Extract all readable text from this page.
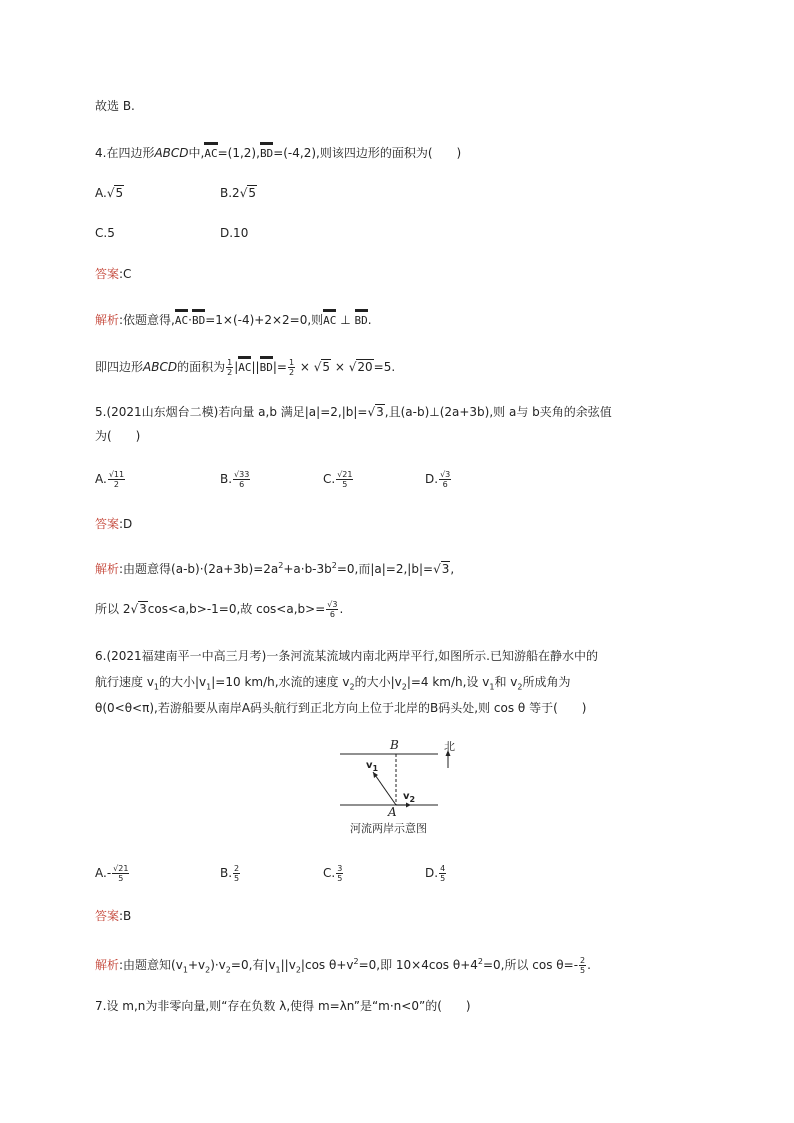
故选 B.
4.在四边形ABCD中,AC=(1,2),BD=(-4,2),则该四边形的面积为(　　)
A.√5	B.2√5
C.5	D.10
答案:C
解析:依题意得,AC·BD=1×(-4)+2×2=0,则AC ⊥ BD.
即四边形ABCD的面积为 $\frac{1}{2} |AC||BD|= \frac{1}{2} \times √5 \times √20=5$.
5.(2021山东烟台二模)若向量 a,b 满足|a|=2,|b|=√3,且(a-b)⊥(2a+3b),则 a与 b夹角的余弦值
为(　　)
A. $\frac{√11}{2}$	B. $\frac{√33}{6}$	C. $\frac{√21}{5}$	D. $\frac{√3}{6}$
答案:D
解析:由题意得$(a-b)\cdot(2a+3b)=2a^2+a\cdot b-3b^2=0$,而|a|=2,|b|=√3,
所以 2√3cos<a,b>-1=0,故 $\cos<a,b>= \frac{√3}{6}$ .
6.(2021福建南平一中高三月考)一条河流某流域内南北两岸平行,如图所示.已知游船在静水中的
航行速度 $v_1$的大小$|v_1|=10$ km/h,水流的速度 $v_2$的大小$|v_2|=4$ km/h,设 $v_1$和 $v_2$所成角为
θ(0<θ<π),若游船要从南岸A码头航行到正北方向上位于北岸的B码头处,则 cos θ 等于(　　)
B	北
$v_1$
$v_2$
A
河流两岸示意图
$A.- \frac{√21}{5}$	B. $\frac{2}{5}$	C. $\frac{3}{5}$	D. $\frac{4}{5}$
答案:B
解析:由题意知$(v_1+v_2)\cdot v_2=0$,有$|v_1||v_2|\cos$ $\theta+v^2=0$,即 10×4cos $\theta+4^2=0$,所以 $\cos \theta=- \frac{2}{5}$ .
7.设 m,n为非零向量,则“存在负数 λ,使得 m=λn”是“m·n<0”的(　　)
